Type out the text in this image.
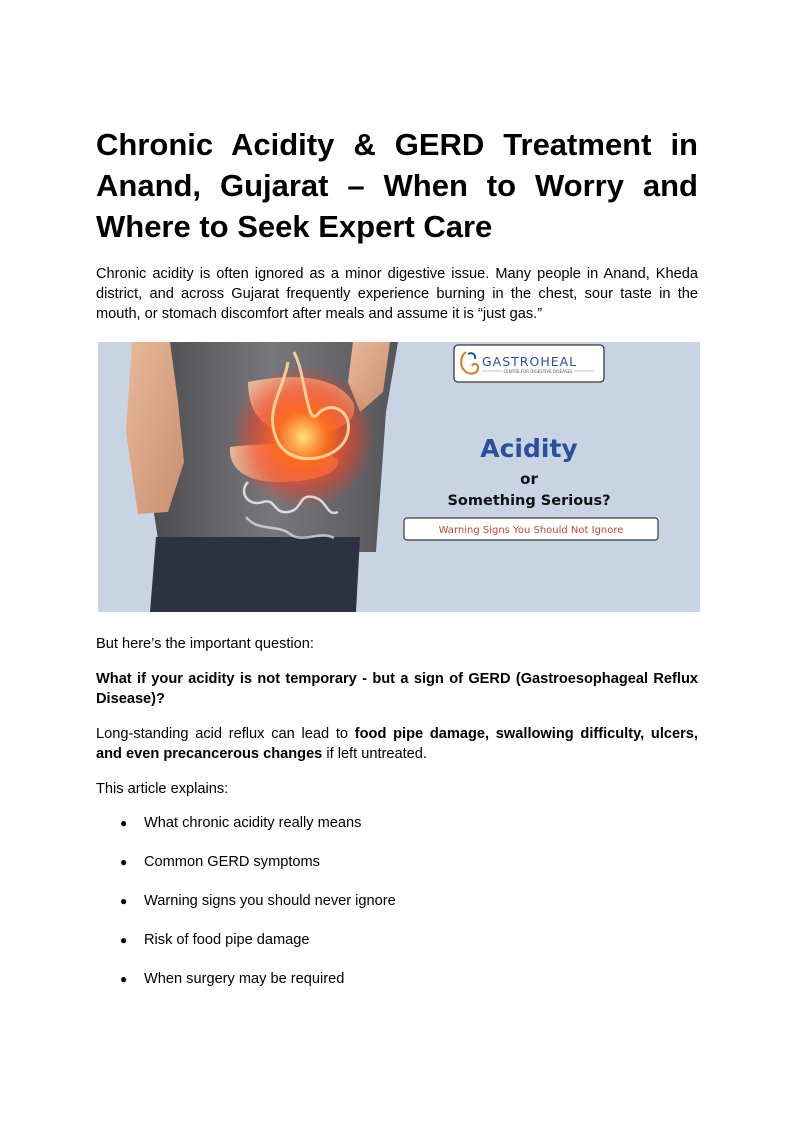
Chronic Acidity & GERD Treatment in Anand, Gujarat – When to Worry and Where to Seek Expert Care

Chronic acidity is often ignored as a minor digestive issue. Many people in Anand, Kheda district, and across Gujarat frequently experience burning in the chest, sour taste in the mouth, or stomach discomfort after meals and assume it is “just gas.”

GASTROHEAL
CENTRE FOR DIGESTIVE DISEASES
Acidity
or
Something Serious?
Warning Signs You Should Not Ignore

But here’s the important question:

What if your acidity is not temporary - but a sign of GERD (Gastroesophageal Reflux Disease)?

Long-standing acid reflux can lead to food pipe damage, swallowing difficulty, ulcers, and even precancerous changes if left untreated.

This article explains:

● What chronic acidity really means
● Common GERD symptoms
● Warning signs you should never ignore
● Risk of food pipe damage
● When surgery may be required
